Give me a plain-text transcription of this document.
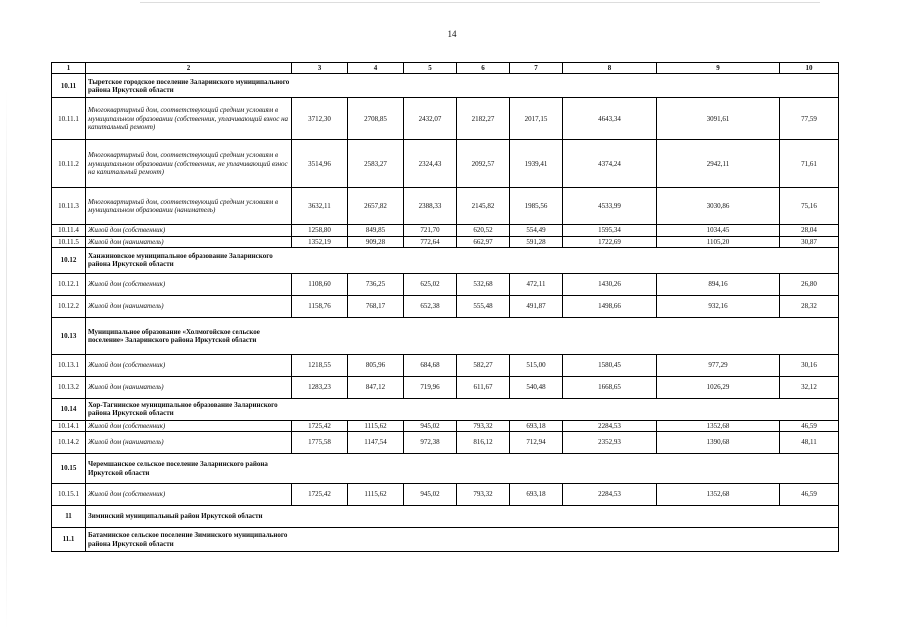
14
1	2	3	4	5	6	7	8	9	10
10.11	Тыретское городское поселение Заларинского муниципального района Иркутской области								
10.11.1	Многоквартирный дом, соответствующий средним условиям в муниципальном образовании (собственник, уплачивающий взнос на капитальный ремонт)	3712,30	2708,85	2432,07	2182,27	2017,15	4643,34	3091,61	77,59
10.11.2	Многоквартирный дом, соответствующий средним условиям в муниципальном образовании (собственник, не уплачивающий взнос на капитальный ремонт)	3514,96	2583,27	2324,43	2092,57	1939,41	4374,24	2942,11	71,61
10.11.3	Многоквартирный дом, соответствующий средним условиям в муниципальном образовании (наниматель)	3632,11	2657,82	2388,33	2145,82	1985,56	4533,99	3030,86	75,16
10.11.4	Жилой дом (собственник)	1258,80	849,85	721,70	620,52	554,49	1595,34	1034,45	28,04
10.11.5	Жилой дом (наниматель)	1352,19	909,28	772,64	662,97	591,28	1722,69	1105,20	30,87
10.12	Ханжиновское муниципальное образование Заларинского района Иркутской области								
10.12.1	Жилой дом (собственник)	1108,60	736,25	625,02	532,68	472,11	1430,26	894,16	26,80
10.12.2	Жилой дом (наниматель)	1158,76	768,17	652,38	555,48	491,87	1498,66	932,16	28,32
10.13	Муниципальное образование «Холмогойское сельское поселение» Заларинского района Иркутской области								
10.13.1	Жилой дом (собственник)	1218,55	805,96	684,68	582,27	515,00	1580,45	977,29	30,16
10.13.2	Жилой дом (наниматель)	1283,23	847,12	719,96	611,67	540,48	1668,65	1026,29	32,12
10.14	Хор-Тагнинское муниципальное образование Заларинского района Иркутской области								
10.14.1	Жилой дом (собственник)	1725,42	1115,62	945,02	793,32	693,18	2284,53	1352,68	46,59
10.14.2	Жилой дом (наниматель)	1775,58	1147,54	972,38	816,12	712,94	2352,93	1390,68	48,11
10.15	Черемшанское сельское поселение Заларинского района Иркутской области								
10.15.1	Жилой дом (собственник)	1725,42	1115,62	945,02	793,32	693,18	2284,53	1352,68	46,59
11	Зиминский муниципальный район Иркутской области								
11.1	Батаминское сельское поселение Зиминского муниципального района Иркутской области								
